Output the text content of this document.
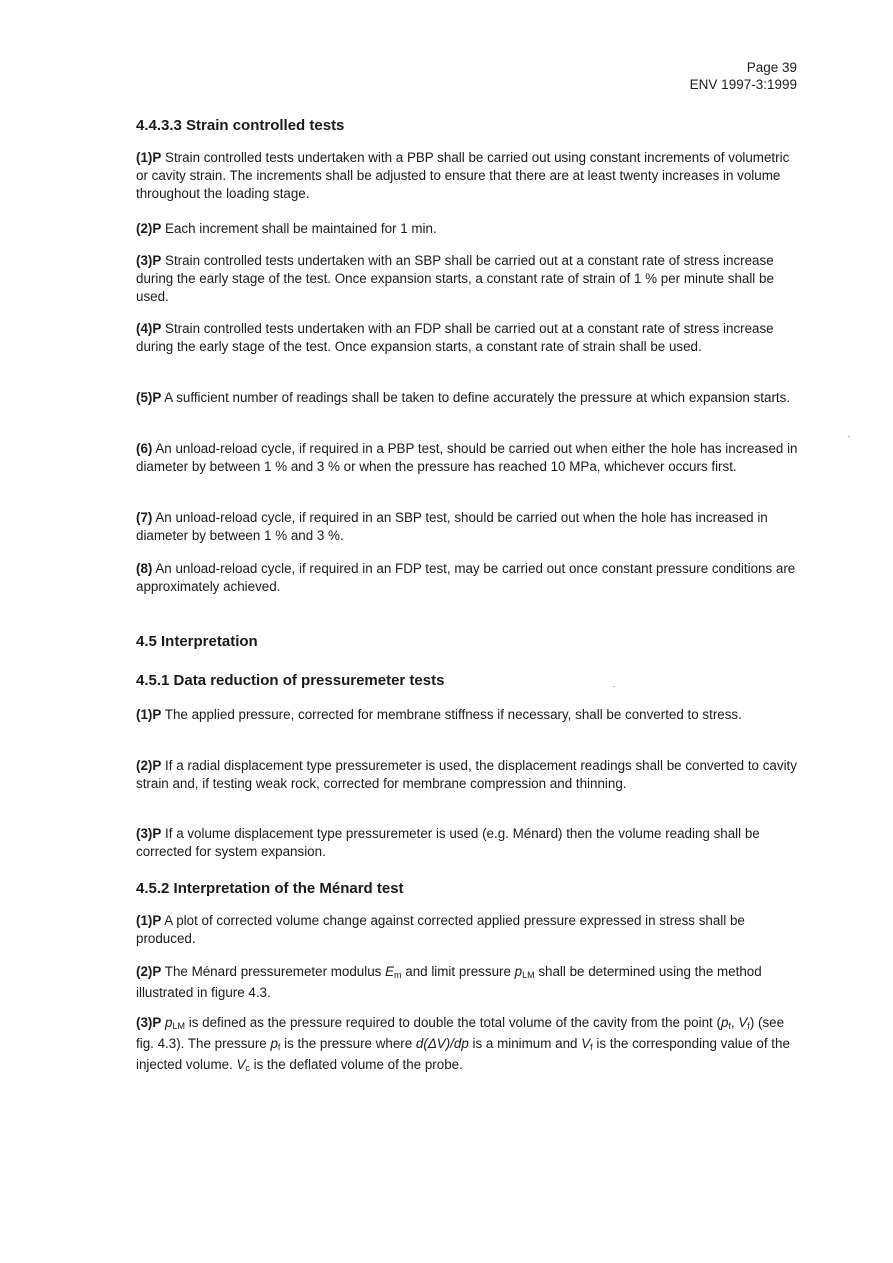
Page 39
ENV 1997-3:1999
4.4.3.3 Strain controlled tests
(1)P Strain controlled tests undertaken with a PBP shall be carried out using constant increments of volumetric or cavity strain. The increments shall be adjusted to ensure that there are at least twenty increases in volume throughout the loading stage.
(2)P Each increment shall be maintained for 1 min.
(3)P Strain controlled tests undertaken with an SBP shall be carried out at a constant rate of stress increase during the early stage of the test. Once expansion starts, a constant rate of strain of 1 % per minute shall be used.
(4)P Strain controlled tests undertaken with an FDP shall be carried out at a constant rate of stress increase during the early stage of the test. Once expansion starts, a constant rate of strain shall be used.
(5)P A sufficient number of readings shall be taken to define accurately the pressure at which expansion starts.
(6) An unload-reload cycle, if required in a PBP test, should be carried out when either the hole has increased in diameter by between 1 % and 3 % or when the pressure has reached 10 MPa, whichever occurs first.
(7) An unload-reload cycle, if required in an SBP test, should be carried out when the hole has increased in diameter by between 1 % and 3 %.
(8) An unload-reload cycle, if required in an FDP test, may be carried out once constant pressure conditions are approximately achieved.
4.5 Interpretation
4.5.1 Data reduction of pressuremeter tests
(1)P The applied pressure, corrected for membrane stiffness if necessary, shall be converted to stress.
(2)P If a radial displacement type pressuremeter is used, the displacement readings shall be converted to cavity strain and, if testing weak rock, corrected for membrane compression and thinning.
(3)P If a volume displacement type pressuremeter is used (e.g. Ménard) then the volume reading shall be corrected for system expansion.
4.5.2 Interpretation of the Ménard test
(1)P A plot of corrected volume change against corrected applied pressure expressed in stress shall be produced.
(2)P The Ménard pressuremeter modulus $E_m$ and limit pressure $p_{LM}$ shall be determined using the method illustrated in figure 4.3.
(3)P $p_{LM}$ is defined as the pressure required to double the total volume of the cavity from the point ($p_f$, $V_f$) (see fig. 4.3). The pressure $p_f$ is the pressure where d(ΔV)/dp is a minimum and $V_f$ is the corresponding value of the injected volume. $V_c$ is the deflated volume of the probe.
